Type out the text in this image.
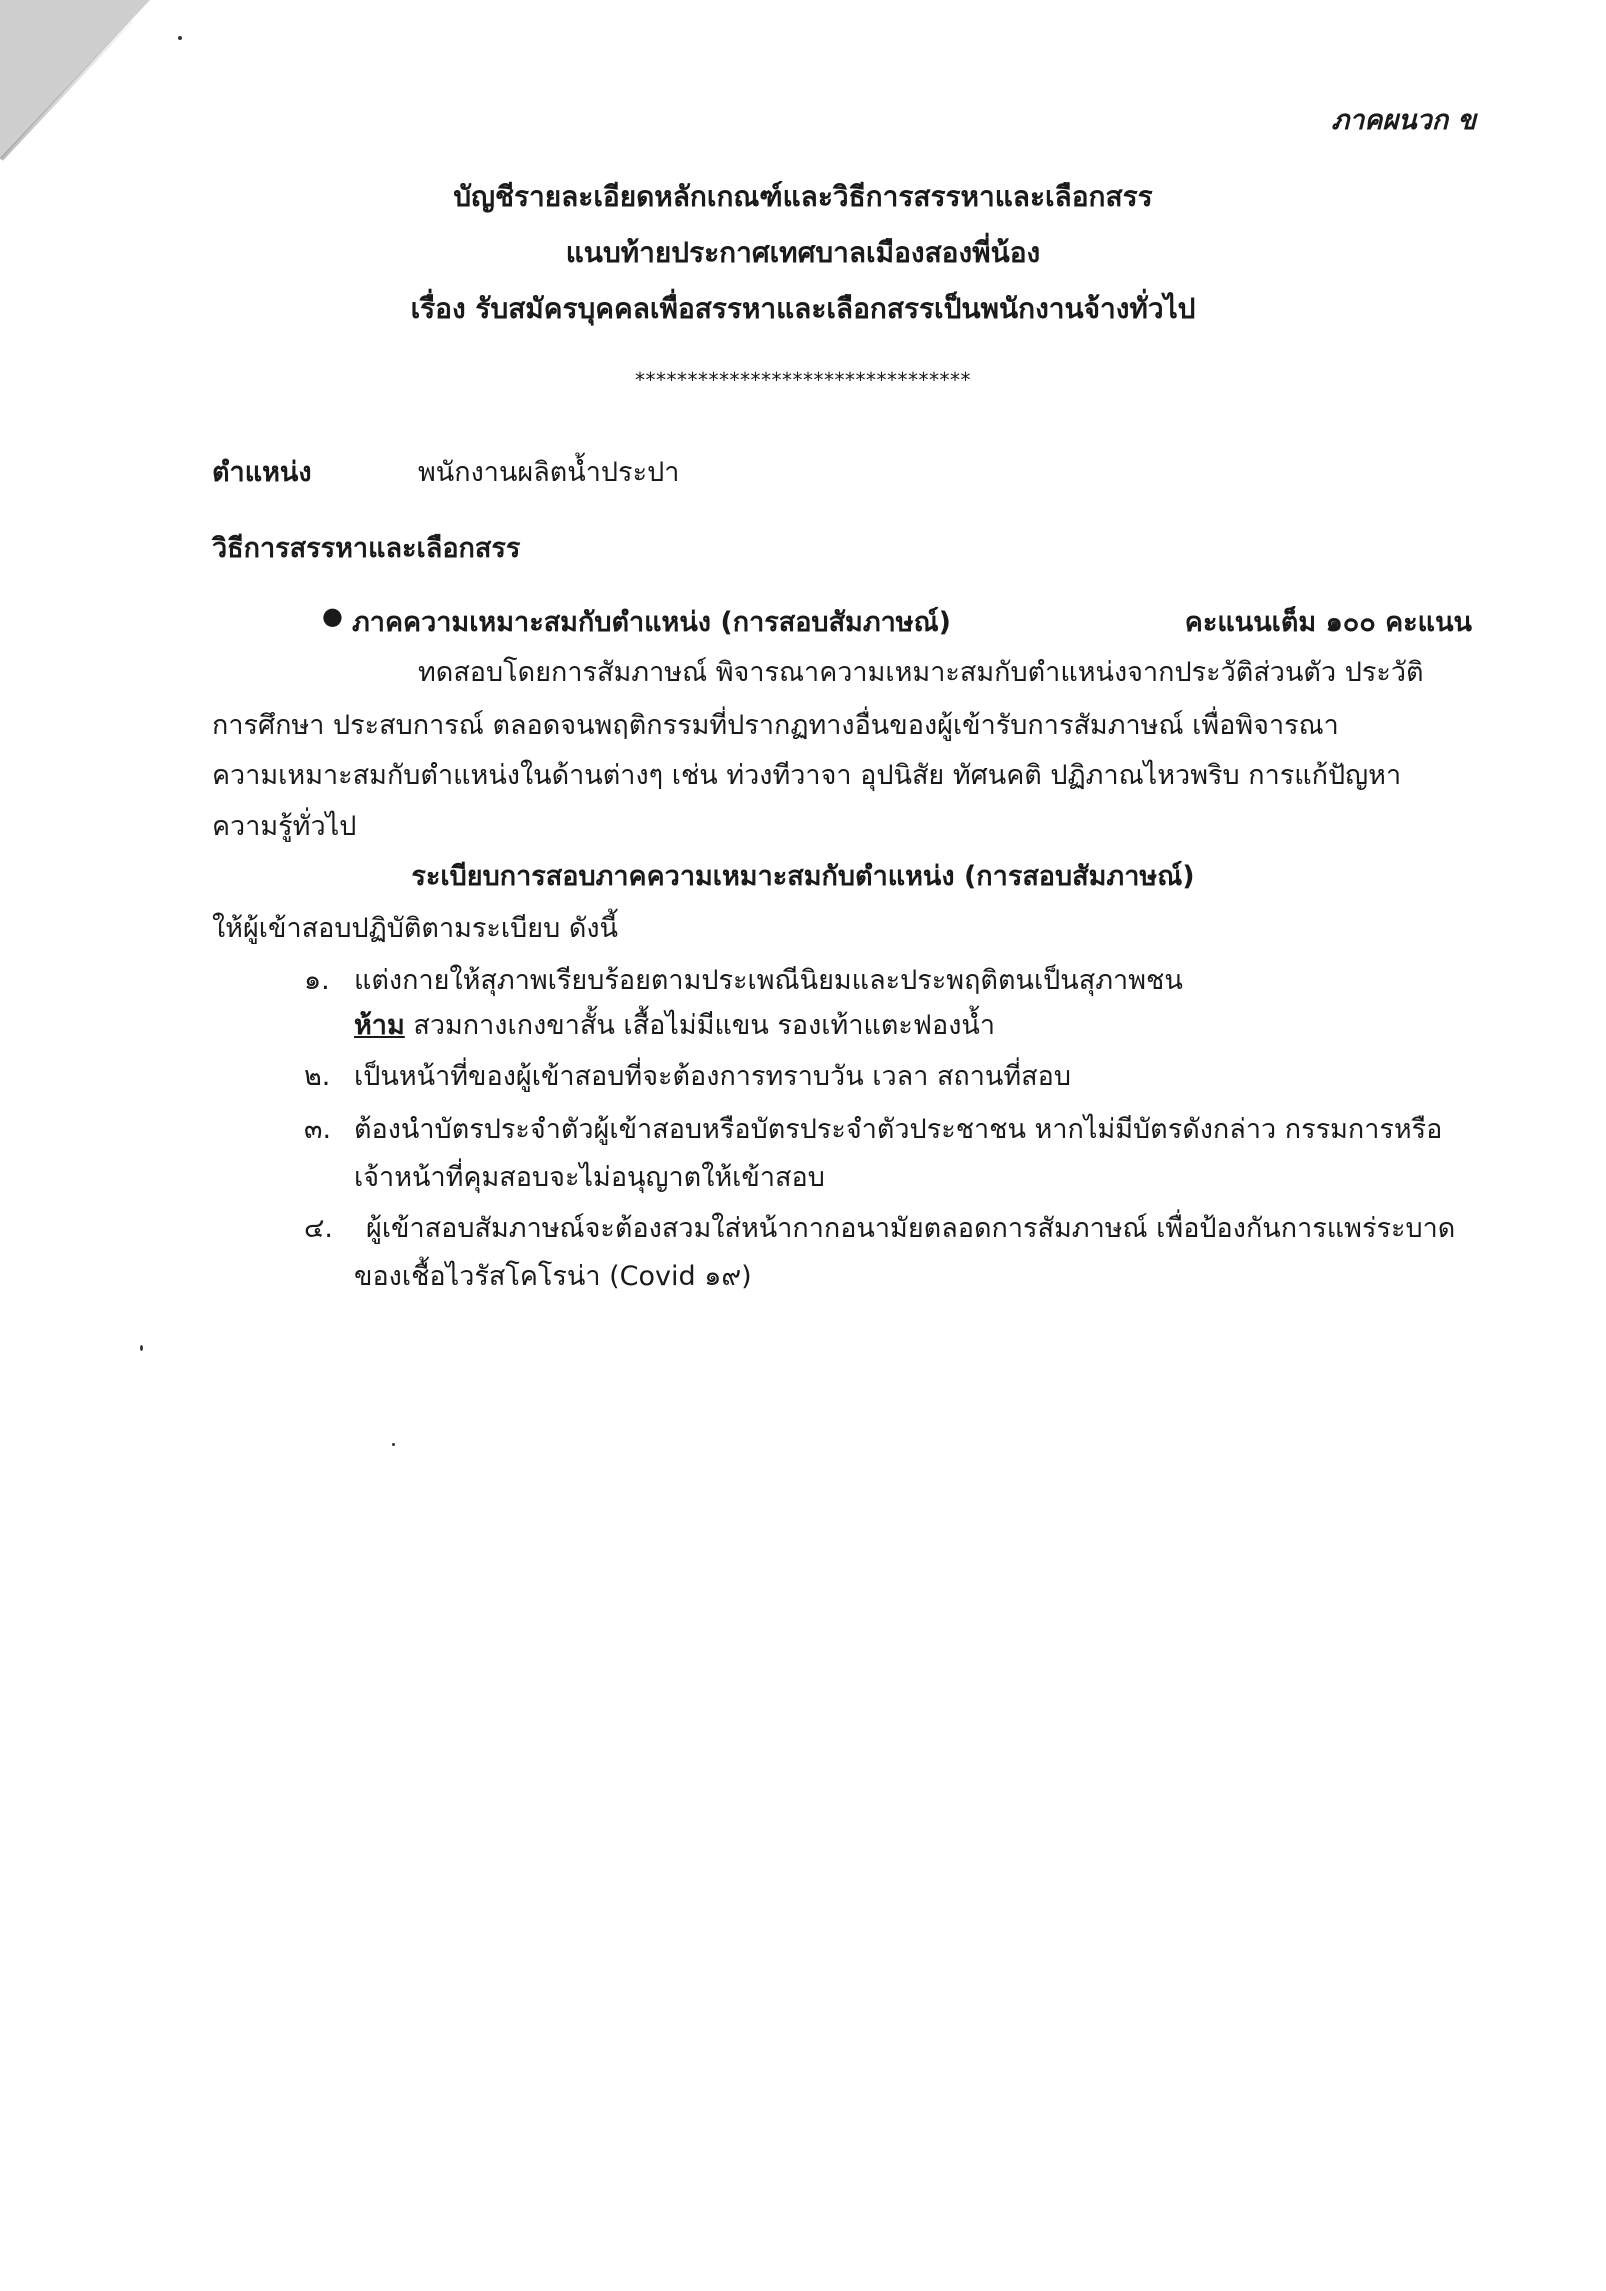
ภาคผนวก ข
บัญชีรายละเอียดหลักเกณฑ์และวิธีการสรรหาและเลือกสรร
แนบท้ายประกาศเทศบาลเมืองสองพี่น้อง
เรื่อง รับสมัครบุคคลเพื่อสรรหาและเลือกสรรเป็นพนักงานจ้างทั่วไป
********************************
ตำแหน่ง	พนักงานผลิตน้ำประปา
วิธีการสรรหาและเลือกสรร
● ภาคความเหมาะสมกับตำแหน่ง (การสอบสัมภาษณ์)	คะแนนเต็ม ๑๐๐ คะแนน
ทดสอบโดยการสัมภาษณ์ พิจารณาความเหมาะสมกับตำแหน่งจากประวัติส่วนตัว ประวัติ
การศึกษา ประสบการณ์ ตลอดจนพฤติกรรมที่ปรากฏทางอื่นของผู้เข้ารับการสัมภาษณ์ เพื่อพิจารณา
ความเหมาะสมกับตำแหน่งในด้านต่างๆ เช่น ท่วงทีวาจา อุปนิสัย ทัศนคติ ปฏิภาณไหวพริบ การแก้ปัญหา
ความรู้ทั่วไป
ระเบียบการสอบภาคความเหมาะสมกับตำแหน่ง (การสอบสัมภาษณ์)
ให้ผู้เข้าสอบปฏิบัติตามระเบียบ ดังนี้
๑. แต่งกายให้สุภาพเรียบร้อยตามประเพณีนิยมและประพฤติตนเป็นสุภาพชน
ห้าม สวมกางเกงขาสั้น เสื้อไม่มีแขน รองเท้าแตะฟองน้ำ
๒. เป็นหน้าที่ของผู้เข้าสอบที่จะต้องการทราบวัน เวลา สถานที่สอบ
๓. ต้องนำบัตรประจำตัวผู้เข้าสอบหรือบัตรประจำตัวประชาชน หากไม่มีบัตรดังกล่าว กรรมการหรือ
เจ้าหน้าที่คุมสอบจะไม่อนุญาตให้เข้าสอบ
๔. ผู้เข้าสอบสัมภาษณ์จะต้องสวมใส่หน้ากากอนามัยตลอดการสัมภาษณ์ เพื่อป้องกันการแพร่ระบาด
ของเชื้อไวรัสโคโรน่า (Covid ๑๙)
